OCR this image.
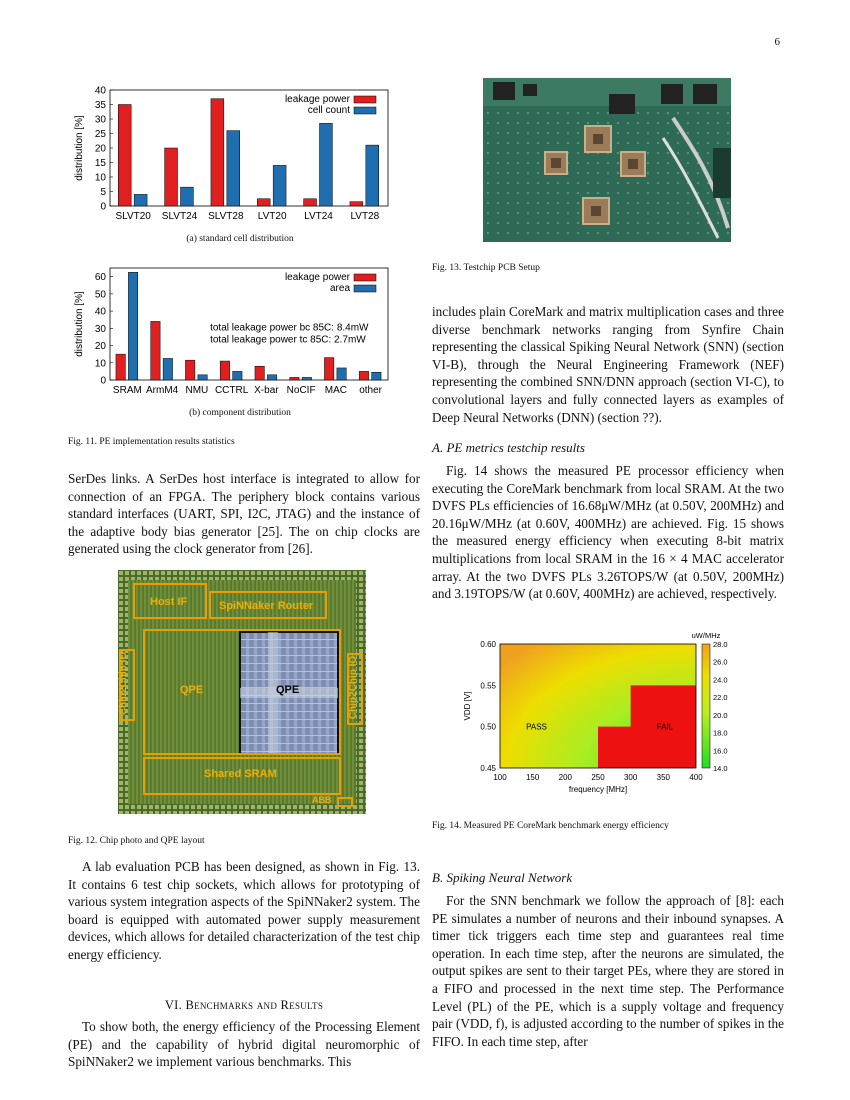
6
0
5
10
15
20
25
30
35
40
distribution [%]
SLVT20 SLVT24 SLVT28 LVT20 LVT24 LVT28
leakage power
cell count
(a) standard cell distribution
0
10
20
30
40
50
60
distribution [%]
SRAM ArmM4 NMU CCTRL X-bar NoCIF MAC other
leakage power
area
total leakage power bc 85C: 8.4mW
total leakage power tc 85C: 2.7mW
(b) component distribution
Fig. 11. PE implementation results statistics

SerDes links. A SerDes host interface is integrated to allow for connection of an FPGA. The periphery block contains various standard interfaces (UART, SPI, I2C, JTAG) and the instance of the adaptive body bias generator [25]. The on chip clocks are generated using the clock generator from [26].

Host IF	SpiNNaker Router
QPE	QPE
Chip2Chip IO	Chip2Chip IO
Shared SRAM
ABB
Fig. 12. Chip photo and QPE layout

A lab evaluation PCB has been designed, as shown in Fig. 13. It contains 6 test chip sockets, which allows for prototyping of various system integration aspects of the SpiNNaker2 system. The board is equipped with automated power supply measurement devices, which allows for detailed characterization of the test chip energy efficiency.

VI. Benchmarks and Results

To show both, the energy efficiency of the Processing Element (PE) and the capability of hybrid digital neuromorphic of SpiNNaker2 we implement various benchmarks. This

Fig. 13. Testchip PCB Setup

includes plain CoreMark and matrix multiplication cases and three diverse benchmark networks ranging from Synfire Chain representing the classical Spiking Neural Network (SNN) (section VI-B), through the Neural Engineering Framework (NEF) representing the combined SNN/DNN approach (section VI-C), to convolutional layers and fully connected layers as examples of Deep Neural Networks (DNN) (section ??).

A. PE metrics testchip results

Fig. 14 shows the measured PE processor efficiency when executing the CoreMark benchmark from local SRAM. At the two DVFS PLs efficiencies of 16.68μW/MHz (at 0.50V, 200MHz) and 20.16μW/MHz (at 0.60V, 400MHz) are achieved. Fig. 15 shows the measured energy efficiency when executing 8-bit matrix multiplications from local SRAM in the 16 × 4 MAC accelerator array. At the two DVFS PLs 3.26TOPS/W (at 0.50V, 200MHz) and 3.19TOPS/W (at 0.60V, 400MHz) are achieved, respectively.

100 150 200 250 300 350 400
0.45
0.50
0.55
0.60
frequency [MHz]
VDD [V]
PASS	FAIL
uW/MHz
14.0
16.0
18.0
20.0
22.0
24.0
26.0
28.0
Fig. 14. Measured PE CoreMark benchmark energy efficiency
B. Spiking Neural Network

For the SNN benchmark we follow the approach of [8]: each PE simulates a number of neurons and their inbound synapses. A timer tick triggers each time step and guarantees real time operation. In each time step, after the neurons are simulated, the output spikes are sent to their target PEs, where they are stored in a FIFO and processed in the next time step. The Performance Level (PL) of the PE, which is a supply voltage and frequency pair (VDD, f), is adjusted according to the number of spikes in the FIFO. In each time step, after
